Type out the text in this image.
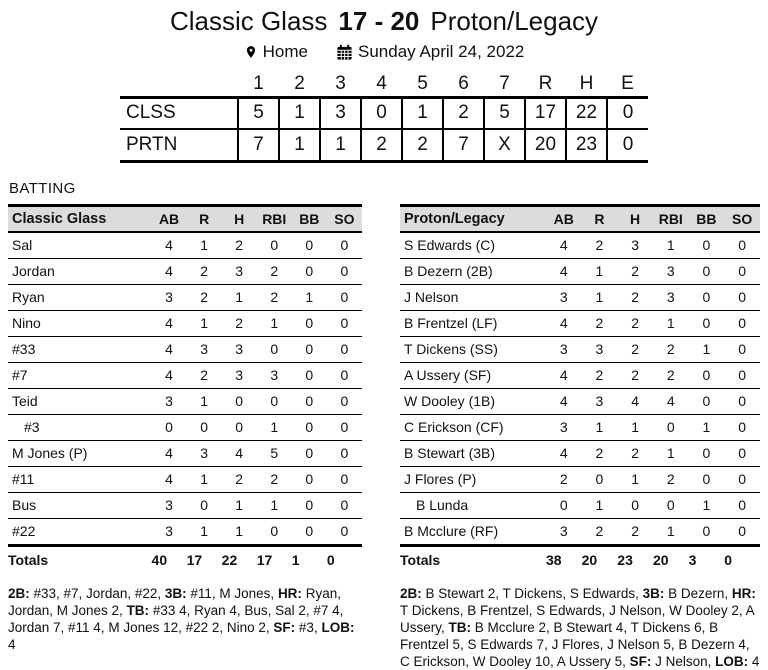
Classic Glass 17 - 20 Proton/Legacy
Home	Sunday April 24, 2022
	1	2	3	4	5	6	7	R	H	E
CLSS	5	1	3	0	1	2	5	17	22	0
PRTN	7	1	1	2	2	7	X	20	23	0
BATTING
Classic Glass	AB	R	H	RBI	BB	SO
Sal	4	1	2	0	0	0
Jordan	4	2	3	2	0	0
Ryan	3	2	1	2	1	0
Nino	4	1	2	1	0	0
#33	4	3	3	0	0	0
#7	4	2	3	3	0	0
Teid	3	1	0	0	0	0
#3	0	0	0	1	0	0
M Jones (P)	4	3	4	5	0	0
#11	4	1	2	2	0	0
Bus	3	0	1	1	0	0
#22	3	1	1	0	0	0
Totals	40	17	22	17	1	0

2B: #33, #7, Jordan, #22, 3B: #11, M Jones, HR: Ryan, Jordan, M Jones 2, TB: #33 4, Ryan 4, Bus, Sal 2, #7 4, Jordan 7, #11 4, M Jones 12, #22 2, Nino 2, SF: #3, LOB: 4

Proton/Legacy	AB	R	H	RBI	BB	SO
S Edwards (C)	4	2	3	1	0	0
B Dezern (2B)	4	1	2	3	0	0
J Nelson	3	1	2	3	0	0
B Frentzel (LF)	4	2	2	1	0	0
T Dickens (SS)	3	3	2	2	1	0
A Ussery (SF)	4	2	2	2	0	0
W Dooley (1B)	4	3	4	4	0	0
C Erickson (CF)	3	1	1	0	1	0
B Stewart (3B)	4	2	2	1	0	0
J Flores (P)	2	0	1	2	0	0
B Lunda	0	1	0	0	1	0
B Mcclure (RF)	3	2	2	1	0	0
Totals	38	20	23	20	3	0

2B: B Stewart 2, T Dickens, S Edwards, 3B: B Dezern, HR: T Dickens, B Frentzel, S Edwards, J Nelson, W Dooley 2, A Ussery, TB: B Mcclure 2, B Stewart 4, T Dickens 6, B Frentzel 5, S Edwards 7, J Flores, J Nelson 5, B Dezern 4, C Erickson, W Dooley 10, A Ussery 5, SF: J Nelson, LOB: 4
